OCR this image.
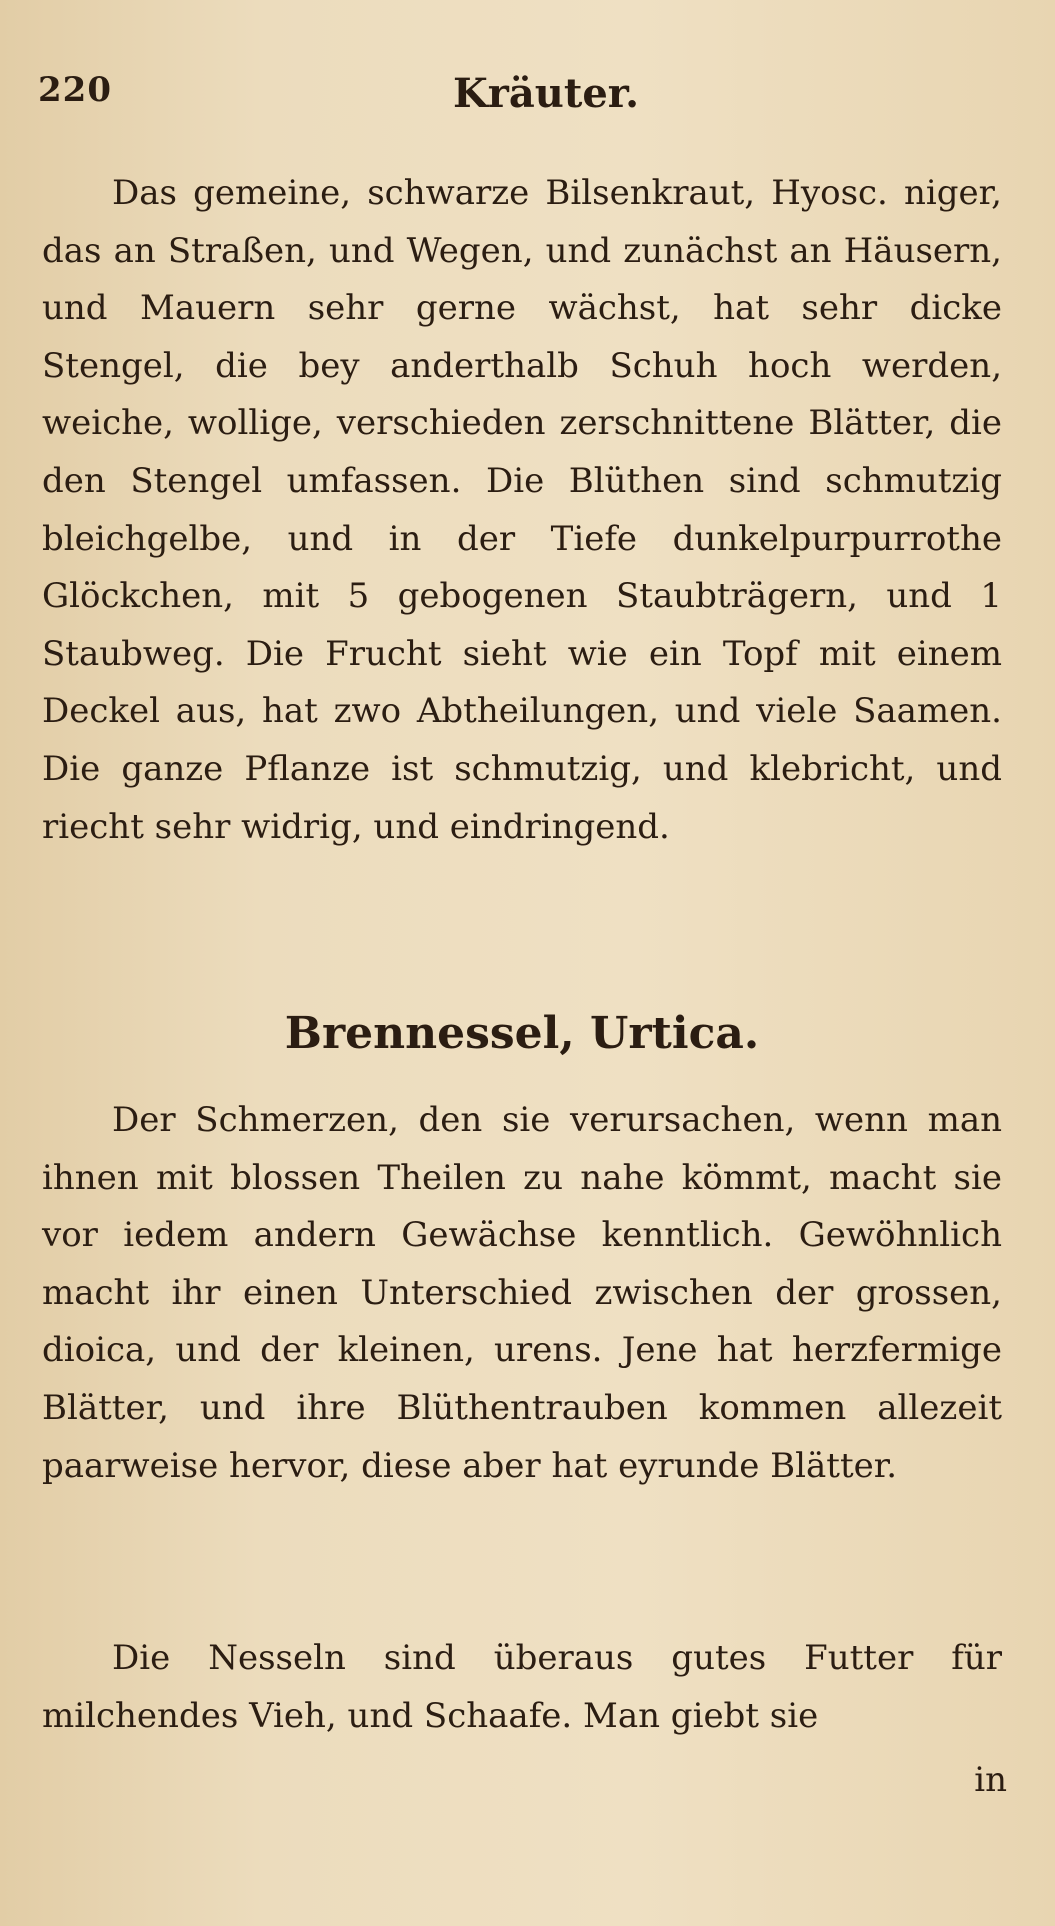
220	Kräuter.

Das gemeine, schwarze Bilsenkraut, Hyosc. niger, das an Straßen, und Wegen, und zunächst an Häusern, und Mauern sehr gerne wächst, hat sehr dicke Stengel, die bey anderthalb Schuh hoch werden, weiche, wollige, verschieden zerschnittene Blätter, die den Stengel umfassen. Die Blüthen sind schmutzig bleichgelbe, und in der Tiefe dunkelpurpurrothe Glöckchen, mit 5 gebogenen Staubträgern, und 1 Staubweg. Die Frucht sieht wie ein Topf mit einem Deckel aus, hat zwo Abtheilungen, und viele Saamen. Die ganze Pflanze ist schmutzig, und klebricht, und riecht sehr widrig, und eindringend.

Brennessel, Urtica.

Der Schmerzen, den sie verursachen, wenn man ihnen mit blossen Theilen zu nahe kömmt, macht sie vor iedem andern Gewächse kenntlich. Gewöhnlich macht ihr einen Unterschied zwischen der grossen, dioica, und der kleinen, urens. Jene hat herzfermige Blätter, und ihre Blüthentrauben kommen allezeit paarweise hervor, diese aber hat eyrunde Blätter.

Die Nesseln sind überaus gutes Futter für milchendes Vieh, und Schaafe. Man giebt sie

in
